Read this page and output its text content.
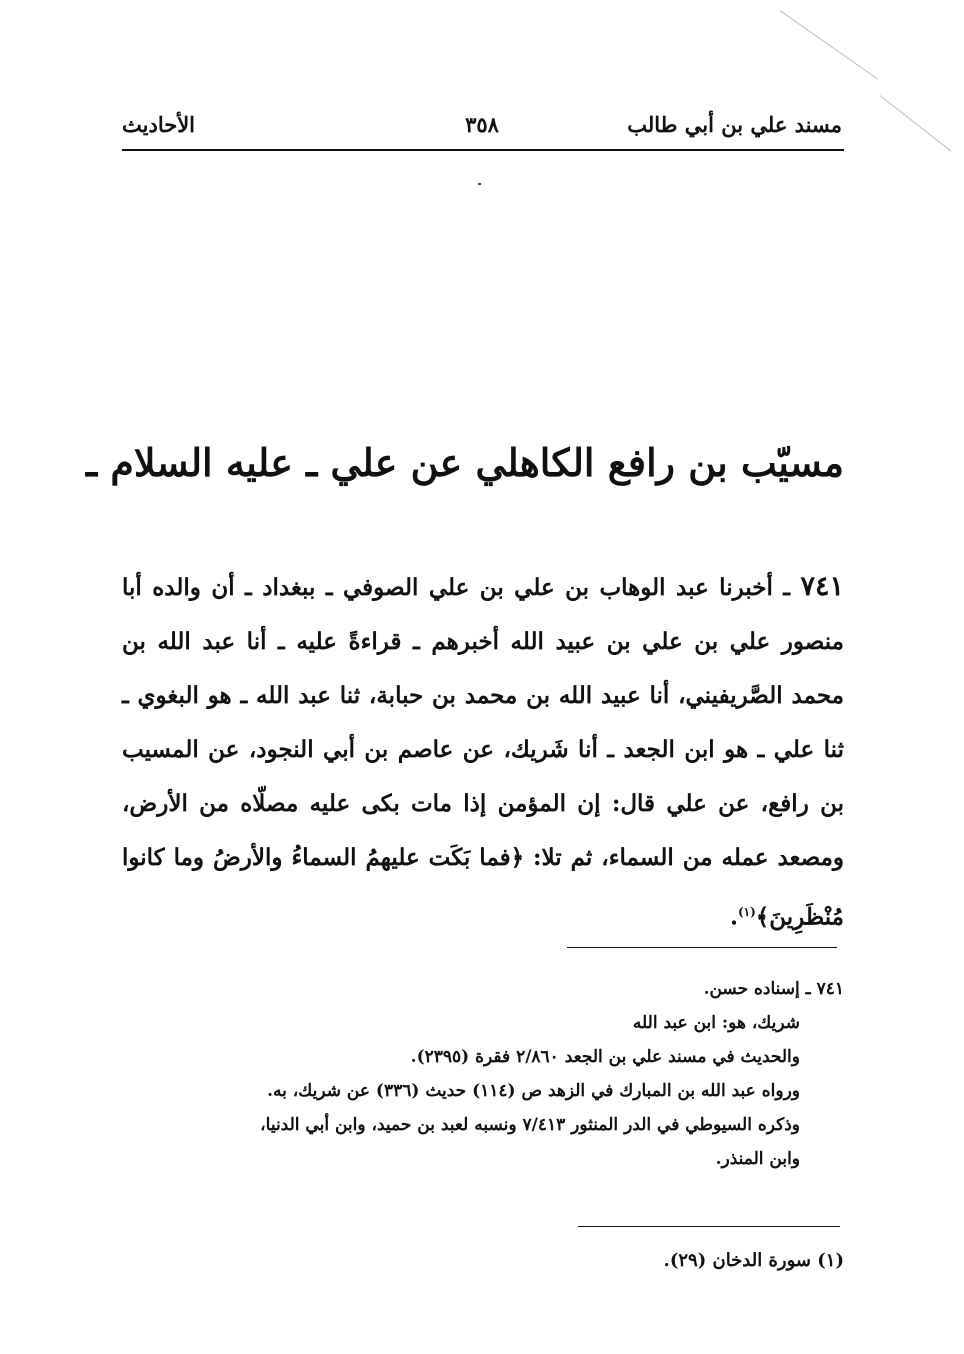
مسند علي بن أبي طالب
٣٥٨
الأحاديث
مسيّب بن رافع الكاهلي عن علي ـ عليه السلام ـ
٧٤١ ـ أخبرنا عبد الوهاب بن علي بن علي الصوفي ـ ببغداد ـ أن والده أبا منصور علي بن علي بن عبيد الله أخبرهم ـ قراءةً عليه ـ أنا عبد الله بن محمد الصَّريفيني، أنا عبيد الله بن محمد بن حبابة، ثنا عبد الله ـ هو البغوي ـ ثنا علي ـ هو ابن الجعد ـ أنا شَريك، عن عاصم بن أبي النجود، عن المسيب بن رافع، عن علي قال: إن المؤمن إذا مات بكى عليه مصلّاه من الأرض، ومصعد عمله من السماء، ثم تلا: ﴿فما بَكَت عليهمُ السماءُ والأرضُ وما كانوا مُنْظَرِينَ﴾$^{(١)}$.
٧٤١ ـ إسناده حسن.
شريك، هو: ابن عبد الله
والحديث في مسند علي بن الجعد ٢/٨٦٠ فقرة (٢٣٩٥).
ورواه عبد الله بن المبارك في الزهد ص (١١٤) حديث (٣٣٦) عن شريك، به.
وذكره السيوطي في الدر المنثور ٧/٤١٣ ونسبه لعبد بن حميد، وابن أبي الدنيا،
وابن المنذر.
(١) سورة الدخان (٢٩).
